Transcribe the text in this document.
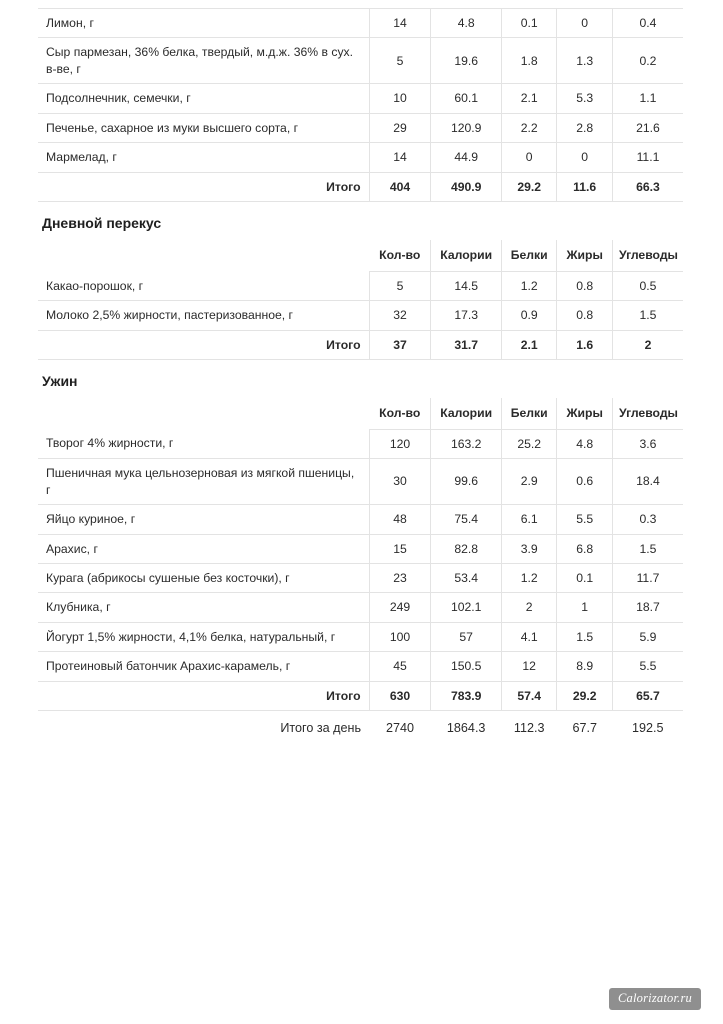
Лимон, г	14	4.8	0.1	0	0.4
Сыр пармезан, 36% белка, твердый, м.д.ж. 36% в сух. в-ве, г	5	19.6	1.8	1.3	0.2
Подсолнечник, семечки, г	10	60.1	2.1	5.3	1.1
Печенье, сахарное из муки высшего сорта, г	29	120.9	2.2	2.8	21.6
Мармелад, г	14	44.9	0	0	11.1
Итого	404	490.9	29.2	11.6	66.3
Дневной перекус
	Кол-во	Калории	Белки	Жиры	Углеводы
Какао-порошок, г	5	14.5	1.2	0.8	0.5
Молоко 2,5% жирности, пастеризованное, г	32	17.3	0.9	0.8	1.5
Итого	37	31.7	2.1	1.6	2
Ужин
	Кол-во	Калории	Белки	Жиры	Углеводы
Творог 4% жирности, г	120	163.2	25.2	4.8	3.6
Пшеничная мука цельнозерновая из мягкой пшеницы, г	30	99.6	2.9	0.6	18.4
Яйцо куриное, г	48	75.4	6.1	5.5	0.3
Арахис, г	15	82.8	3.9	6.8	1.5
Курага (абрикосы сушеные без косточки), г	23	53.4	1.2	0.1	11.7
Клубника, г	249	102.1	2	1	18.7
Йогурт 1,5% жирности, 4,1% белка, натуральный, г	100	57	4.1	1.5	5.9
Протеиновый батончик Арахис-карамель, г	45	150.5	12	8.9	5.5
Итого	630	783.9	57.4	29.2	65.7
Итого за день	2740	1864.3	112.3	67.7	192.5
Calorizator.ru
